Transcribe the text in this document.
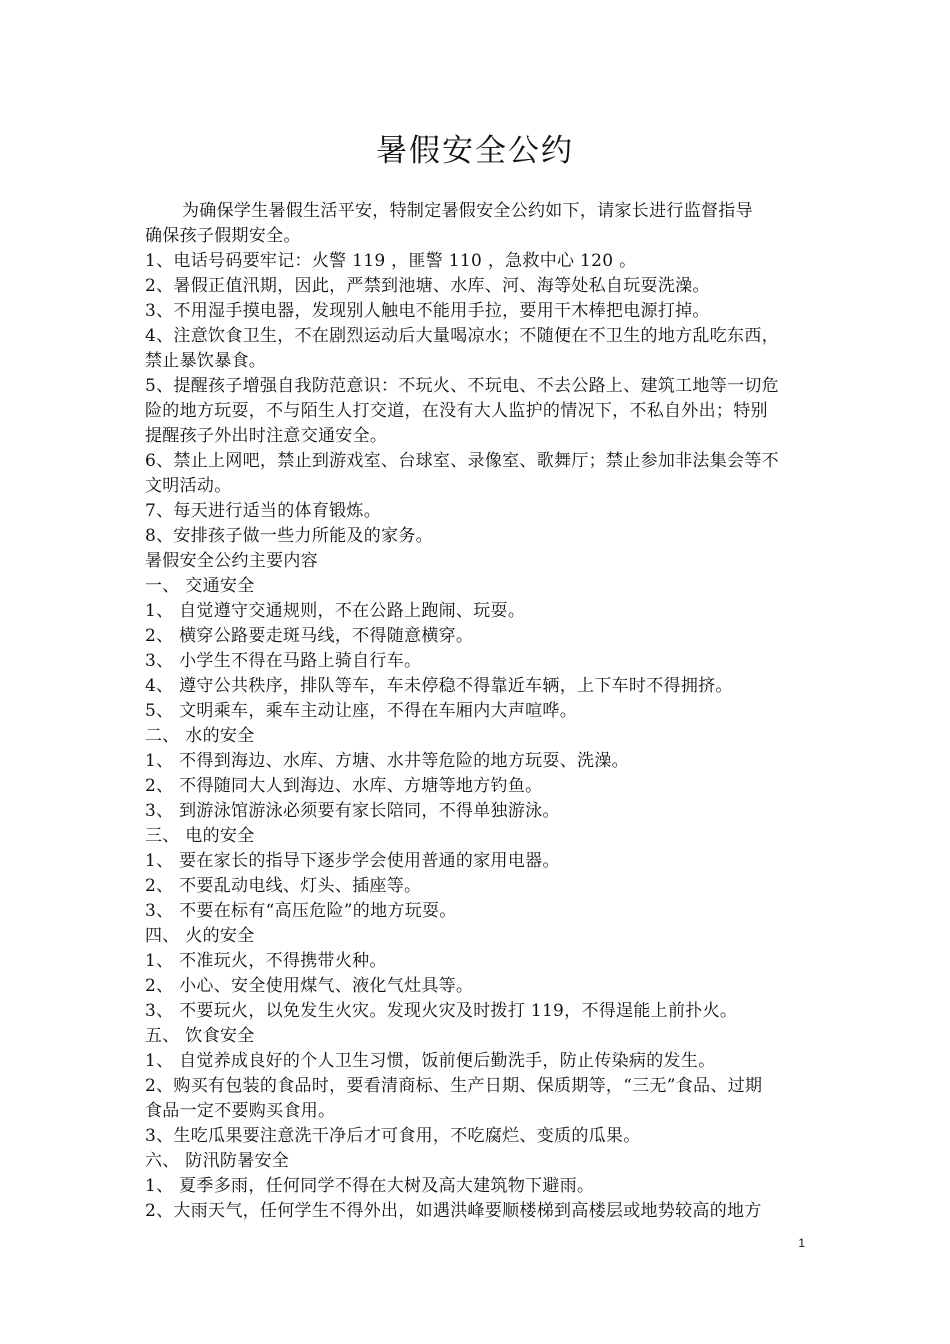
暑假安全公约
为确保学生暑假生活平安，特制定暑假安全公约如下，请家长进行监督指导
确保孩子假期安全。
1、电话号码要牢记：火警 119 ，匪警 110 ，急救中心 120 。
2、暑假正值汛期，因此，严禁到池塘、水库、河、海等处私自玩耍洗澡。
3、不用湿手摸电器，发现别人触电不能用手拉，要用干木棒把电源打掉。
4、注意饮食卫生，不在剧烈运动后大量喝凉水；不随便在不卫生的地方乱吃东西，
禁止暴饮暴食。
5、提醒孩子增强自我防范意识：不玩火、不玩电、不去公路上、建筑工地等一切危
险的地方玩耍，不与陌生人打交道，在没有大人监护的情况下，不私自外出；特别
提醒孩子外出时注意交通安全。
6、禁止上网吧，禁止到游戏室、台球室、录像室、歌舞厅；禁止参加非法集会等不
文明活动。
7、每天进行适当的体育锻炼。
8、安排孩子做一些力所能及的家务。
暑假安全公约主要内容
一、 交通安全
1、 自觉遵守交通规则，不在公路上跑闹、玩耍。
2、 横穿公路要走斑马线，不得随意横穿。
3、 小学生不得在马路上骑自行车。
4、 遵守公共秩序，排队等车，车未停稳不得靠近车辆，上下车时不得拥挤。
5、 文明乘车，乘车主动让座，不得在车厢内大声喧哗。
二、 水的安全
1、 不得到海边、水库、方塘、水井等危险的地方玩耍、洗澡。
2、 不得随同大人到海边、水库、方塘等地方钓鱼。
3、 到游泳馆游泳必须要有家长陪同，不得单独游泳。
三、 电的安全
1、 要在家长的指导下逐步学会使用普通的家用电器。
2、 不要乱动电线、灯头、插座等。
3、 不要在标有“高压危险”的地方玩耍。
四、 火的安全
1、 不准玩火，不得携带火种。
2、 小心、安全使用煤气、液化气灶具等。
3、 不要玩火，以免发生火灾。发现火灾及时拨打 119，不得逞能上前扑火。
五、 饮食安全
1、 自觉养成良好的个人卫生习惯，饭前便后勤洗手，防止传染病的发生。
2、购买有包装的食品时，要看清商标、生产日期、保质期等，“三无”食品、过期
食品一定不要购买食用。
3、生吃瓜果要注意洗干净后才可食用，不吃腐烂、变质的瓜果。
六、 防汛防暑安全
1、 夏季多雨，任何同学不得在大树及高大建筑物下避雨。
2、大雨天气，任何学生不得外出，如遇洪峰要顺楼梯到高楼层或地势较高的地方
1
